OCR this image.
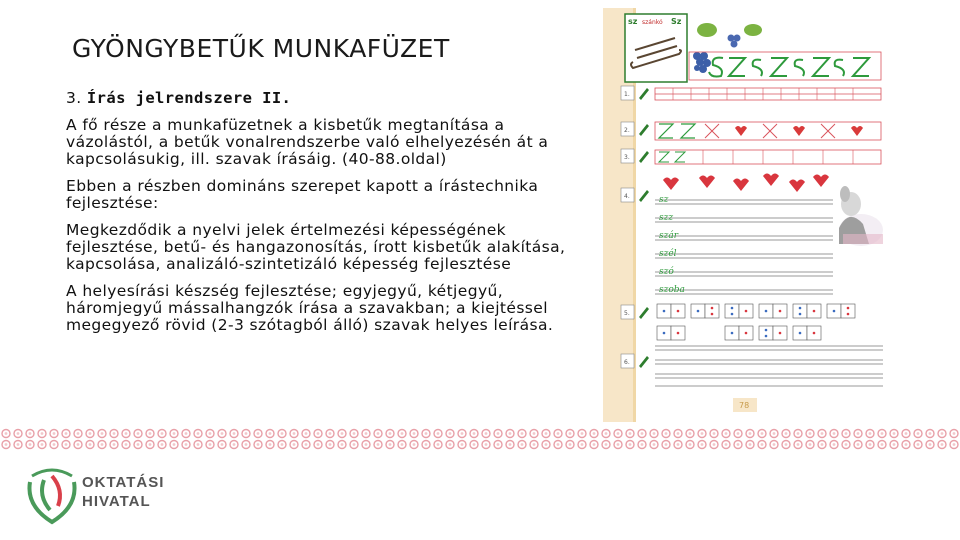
GYÖNGYBETŰK MUNKAFÜZET

3. Írás jelrendszere II.

A fő része a munkafüzetnek a kisbetűk megtanítása a vázolástól, a betűk vonalrendszerbe való elhelyezésén át a kapcsolásukig, ill. szavak írásáig. (40-88.oldal)

Ebben a részben domináns szerepet kapott a írástechnika fejlesztése:

Megkezdődik a nyelvi jelek értelmezési képességének fejlesztése, betű- és hangazonosítás, írott kisbetűk alakítása, kapcsolása, analizáló-szintetizáló képesség fejlesztése

A helyesírási készség fejlesztése; egyjegyű, kétjegyű, háromjegyű mássalhangzók írása a szavakban; a kiejtéssel megegyező rövid (2-3 szótagból álló) szavak helyes leírása.

sz szánkó Sz
1.
2.
3.
4.
5.
6.
sz
szz
szár
szél
szó
szoba
78
OKTATÁSI
HIVATAL
